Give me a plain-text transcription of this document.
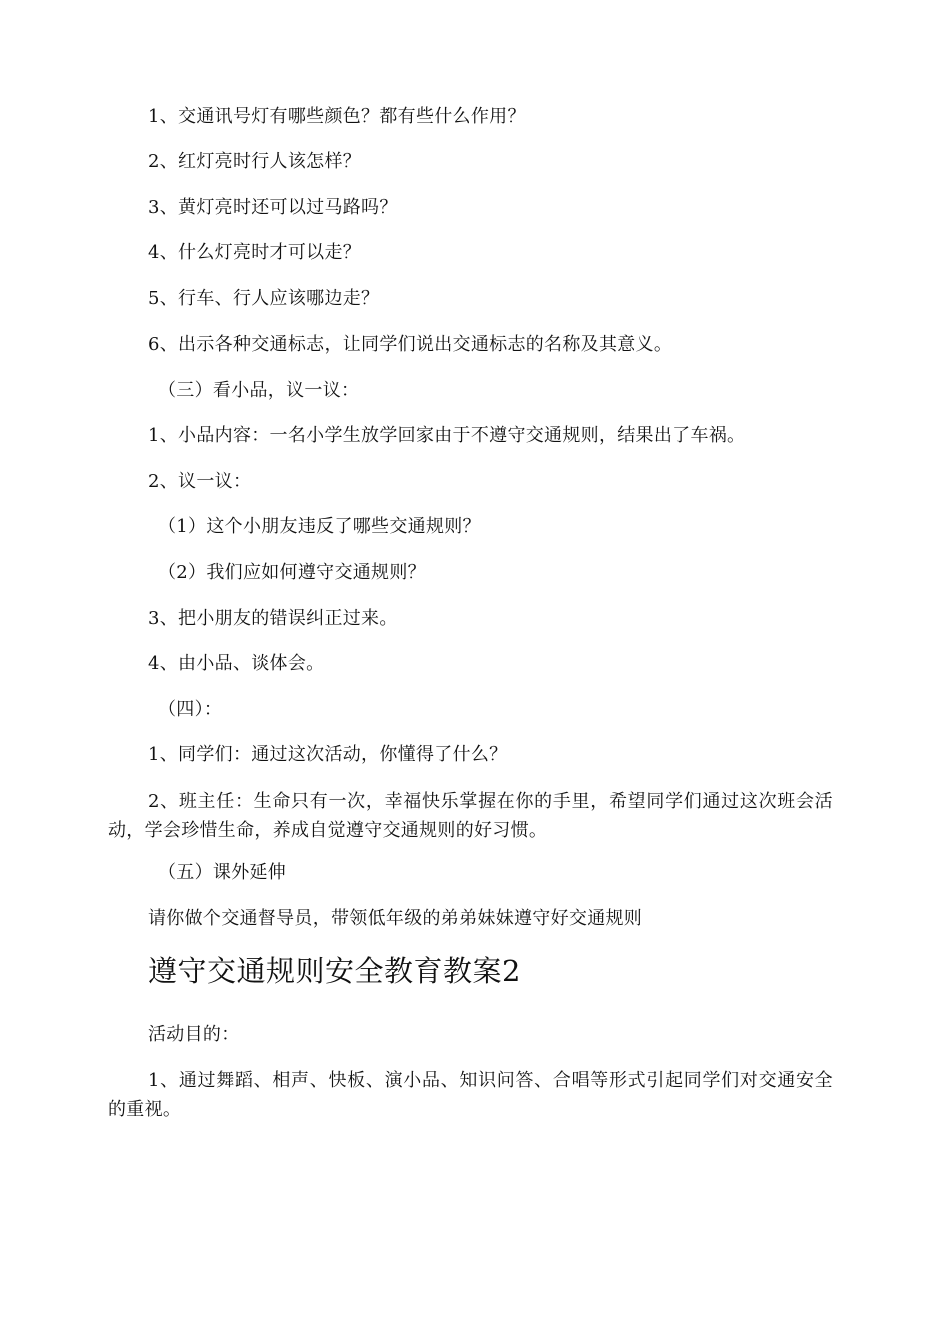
1、交通讯号灯有哪些颜色？都有些什么作用？
2、红灯亮时行人该怎样？
3、黄灯亮时还可以过马路吗？
4、什么灯亮时才可以走？
5、行车、行人应该哪边走？
6、出示各种交通标志，让同学们说出交通标志的名称及其意义。
（三）看小品，议一议：
1、小品内容：一名小学生放学回家由于不遵守交通规则，结果出了车祸。
2、议一议：
（1）这个小朋友违反了哪些交通规则？
（2）我们应如何遵守交通规则？
3、把小朋友的错误纠正过来。
4、由小品、谈体会。
（四）：
1、同学们：通过这次活动，你懂得了什么？
2、班主任：生命只有一次，幸福快乐掌握在你的手里，希望同学们通过这次班会活动，学会珍惜生命，养成自觉遵守交通规则的好习惯。
（五）课外延伸
请你做个交通督导员，带领低年级的弟弟妹妹遵守好交通规则
遵守交通规则安全教育教案2
活动目的：
1、通过舞蹈、相声、快板、演小品、知识问答、合唱等形式引起同学们对交通安全的重视。
